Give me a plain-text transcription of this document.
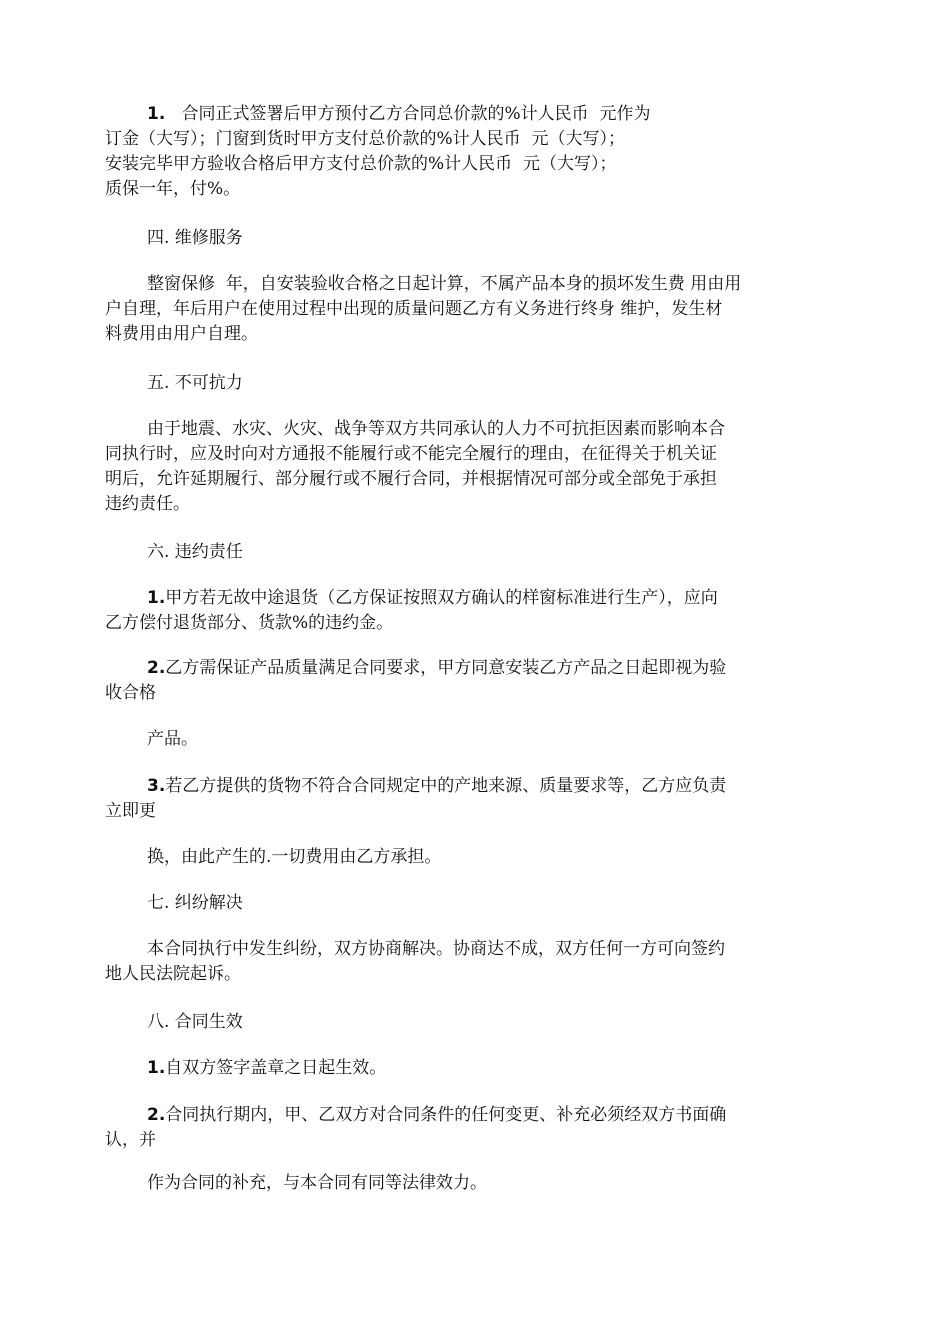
1. 合同正式签署后甲方预付乙方合同总价款的%计人民币  元作为
订金（大写）；门窗到货时甲方支付总价款的%计人民币  元（大写）；
安装完毕甲方验收合格后甲方支付总价款的%计人民币  元（大写）；
质保一年，付%。
四. 维修服务
整窗保修  年，自安装验收合格之日起计算，不属产品本身的损坏发生费 用由用
户自理，年后用户在使用过程中出现的质量问题乙方有义务进行终身 维护，发生材
料费用由用户自理。
五. 不可抗力
由于地震、水灾、火灾、战争等双方共同承认的人力不可抗拒因素而影响本合
同执行时，应及时向对方通报不能履行或不能完全履行的理由，在征得关于机关证
明后，允许延期履行、部分履行或不履行合同，并根据情况可部分或全部免于承担
违约责任。
六. 违约责任
1.甲方若无故中途退货（乙方保证按照双方确认的样窗标准进行生产），应向
乙方偿付退货部分、货款%的违约金。
2.乙方需保证产品质量满足合同要求，甲方同意安装乙方产品之日起即视为验
收合格
产品。
3.若乙方提供的货物不符合合同规定中的产地来源、质量要求等，乙方应负责
立即更
换，由此产生的.一切费用由乙方承担。
七. 纠纷解决
本合同执行中发生纠纷，双方协商解决。协商达不成，双方任何一方可向签约
地人民法院起诉。
八. 合同生效
1.自双方签字盖章之日起生效。
2.合同执行期内，甲、乙双方对合同条件的任何变更、补充必须经双方书面确
认，并
作为合同的补充，与本合同有同等法律效力。
